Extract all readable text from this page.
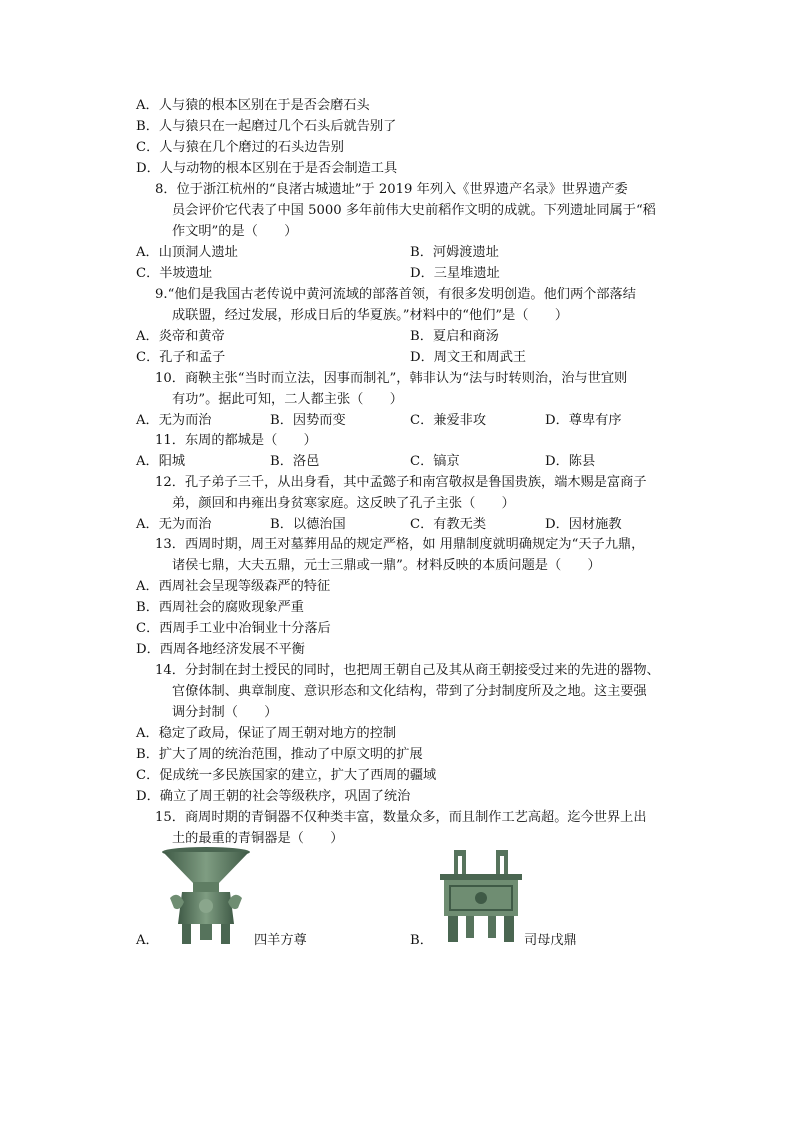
A．人与猿的根本区别在于是否会磨石头
B．人与猿只在一起磨过几个石头后就告别了
C．人与猿在几个磨过的石头边告别
D．人与动物的根本区别在于是否会制造工具
8．位于浙江杭州的“良渚古城遗址”于 2019 年列入《世界遗产名录》世界遗产委
员会评价它代表了中国 5000 多年前伟大史前稻作文明的成就。下列遗址同属于“稻
作文明”的是（　　）
A．山顶洞人遗址	B．河姆渡遗址
C．半坡遗址	D．三星堆遗址
9.“他们是我国古老传说中黄河流域的部落首领，有很多发明创造。他们两个部落结
成联盟，经过发展，形成日后的华夏族。”材料中的“他们”是（　　）
A．炎帝和黄帝	B．夏启和商汤
C．孔子和孟子	D．周文王和周武王
10．商鞅主张“当时而立法，因事而制礼”，韩非认为“法与时转则治，治与世宜则
有功”。据此可知，二人都主张（　　）
A．无为而治	B．因势而变	C．兼爱非攻	D．尊卑有序
11．东周的都城是（　　）
A．阳城	B．洛邑	C．镐京	D．陈县
12．孔子弟子三千，从出身看，其中孟懿子和南宫敬叔是鲁国贵族，端木赐是富商子
弟，颜回和冉雍出身贫寒家庭。这反映了孔子主张（　　）
A．无为而治	B．以德治国	C．有教无类	D．因材施教
13．西周时期，周王对墓葬用品的规定严格，如 用鼎制度就明确规定为“天子九鼎，
诸侯七鼎，大夫五鼎，元士三鼎或一鼎”。材料反映的本质问题是（　　）
A．西周社会呈现等级森严的特征
B．西周社会的腐败现象严重
C．西周手工业中冶铜业十分落后
D．西周各地经济发展不平衡
14．分封制在封土授民的同时，也把周王朝自己及其从商王朝接受过来的先进的器物、
官僚体制、典章制度、意识形态和文化结构，带到了分封制度所及之地。这主要强
调分封制（　　）
A．稳定了政局，保证了周王朝对地方的控制
B．扩大了周的统治范围，推动了中原文明的扩展
C．促成统一多民族国家的建立，扩大了西周的疆域
D．确立了周王朝的社会等级秩序，巩固了统治
15．商周时期的青铜器不仅种类丰富，数量众多，而且制作工艺高超。迄今世界上出
土的最重的青铜器是（　　）
A．	四羊方尊	B．	司母戊鼎
